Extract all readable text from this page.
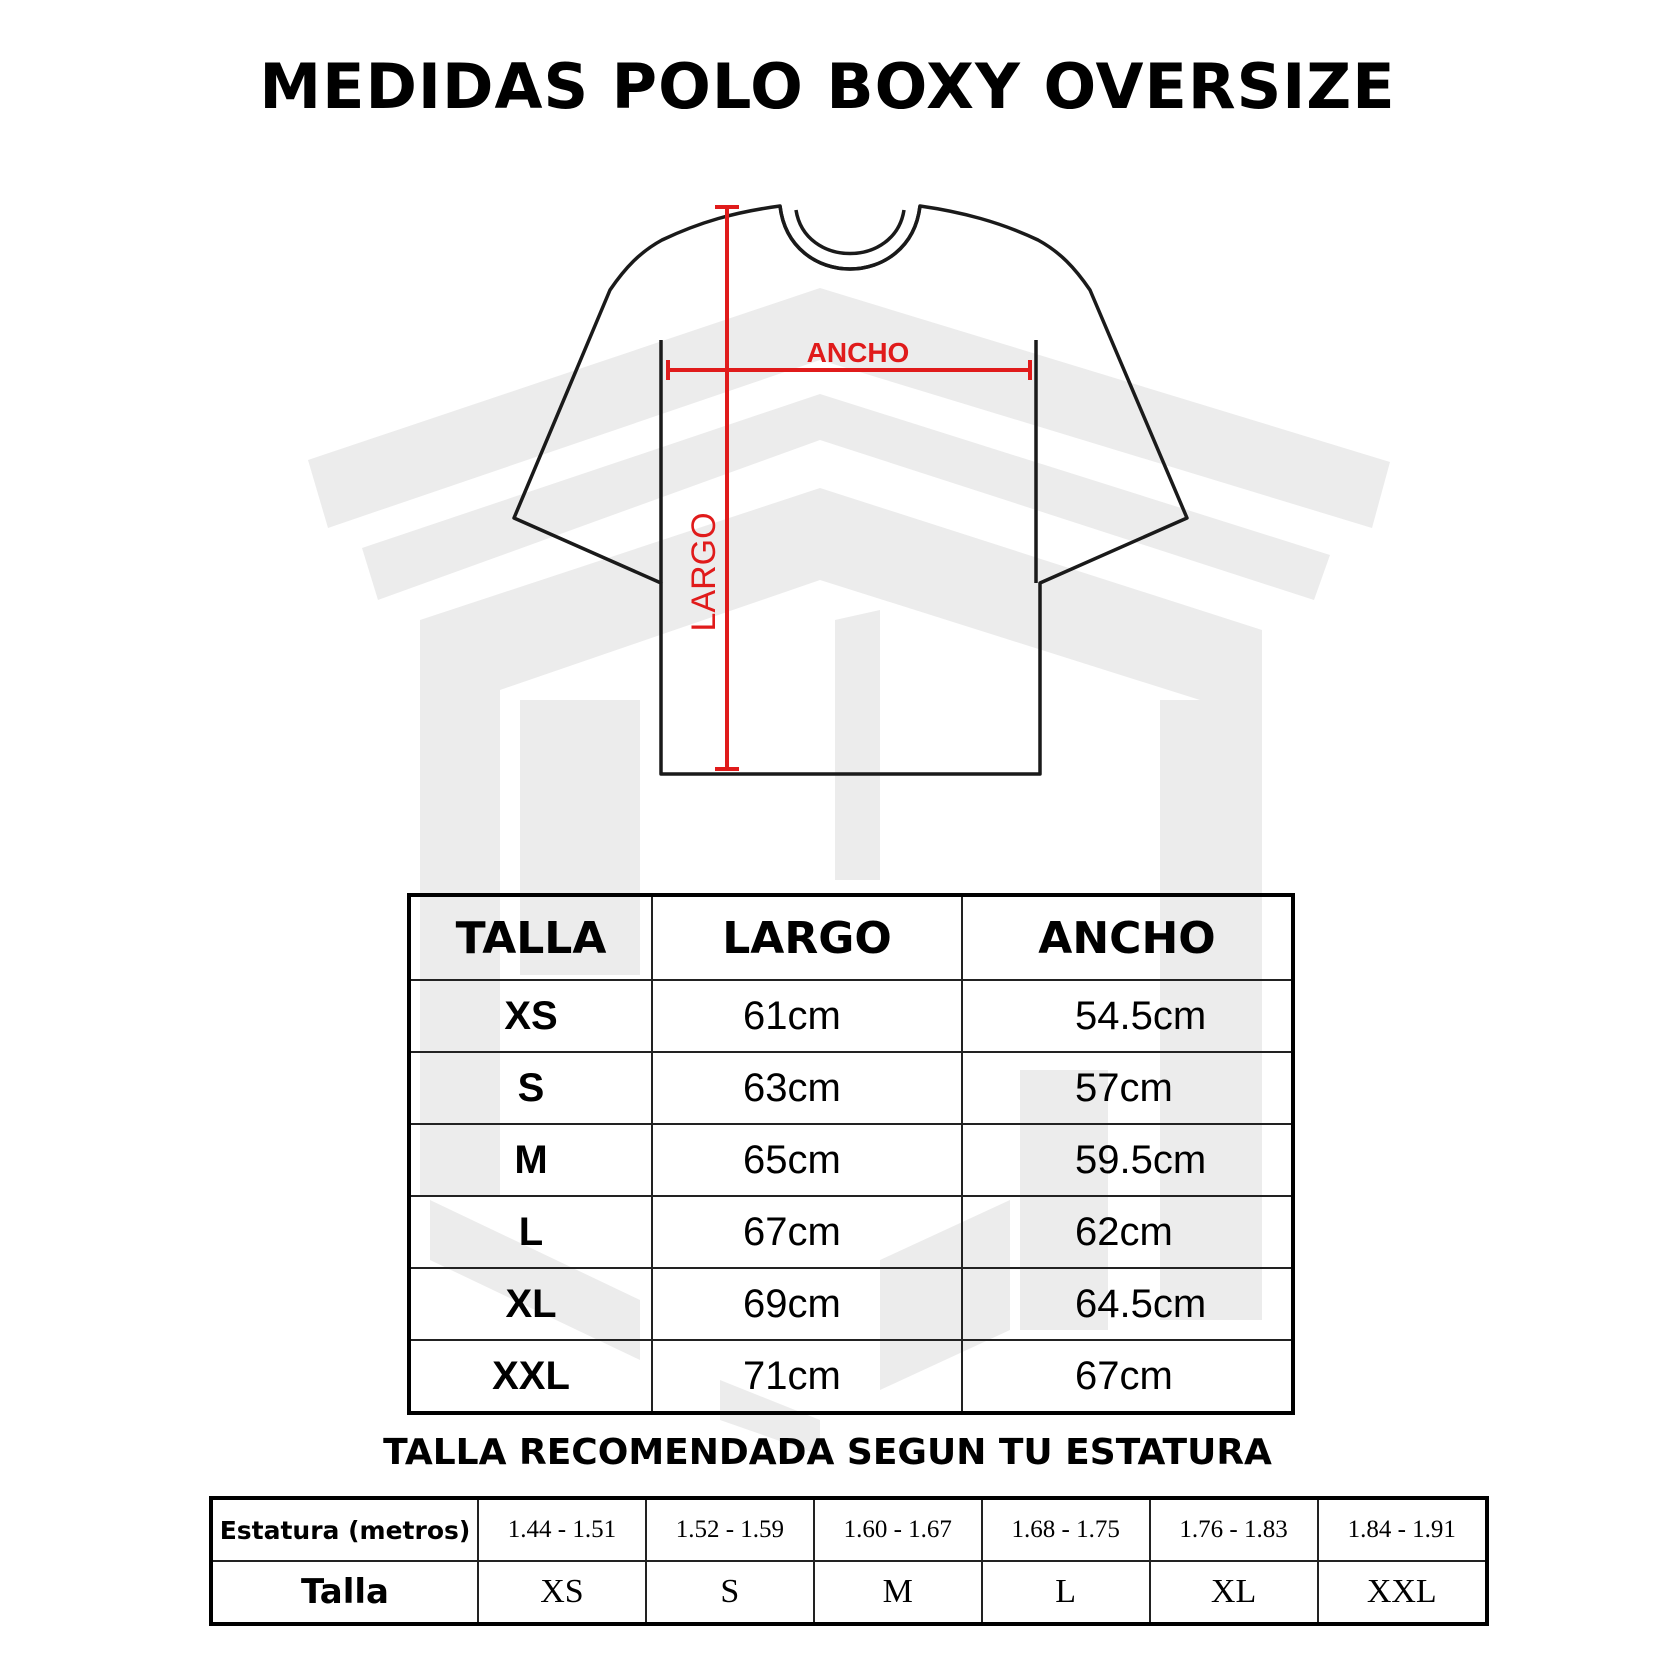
MEDIDAS POLO BOXY OVERSIZE
ANCHO
LARGO
TALLA	LARGO	ANCHO
XS	61cm	54.5cm
S	63cm	57cm
M	65cm	59.5cm
L	67cm	62cm
XL	69cm	64.5cm
XXL	71cm	67cm
TALLA RECOMENDADA SEGUN TU ESTATURA
Estatura (metros)	1.44 - 1.51	1.52 - 1.59	1.60 - 1.67	1.68 - 1.75	1.76 - 1.83	1.84 - 1.91
Talla	XS	S	M	L	XL	XXL
